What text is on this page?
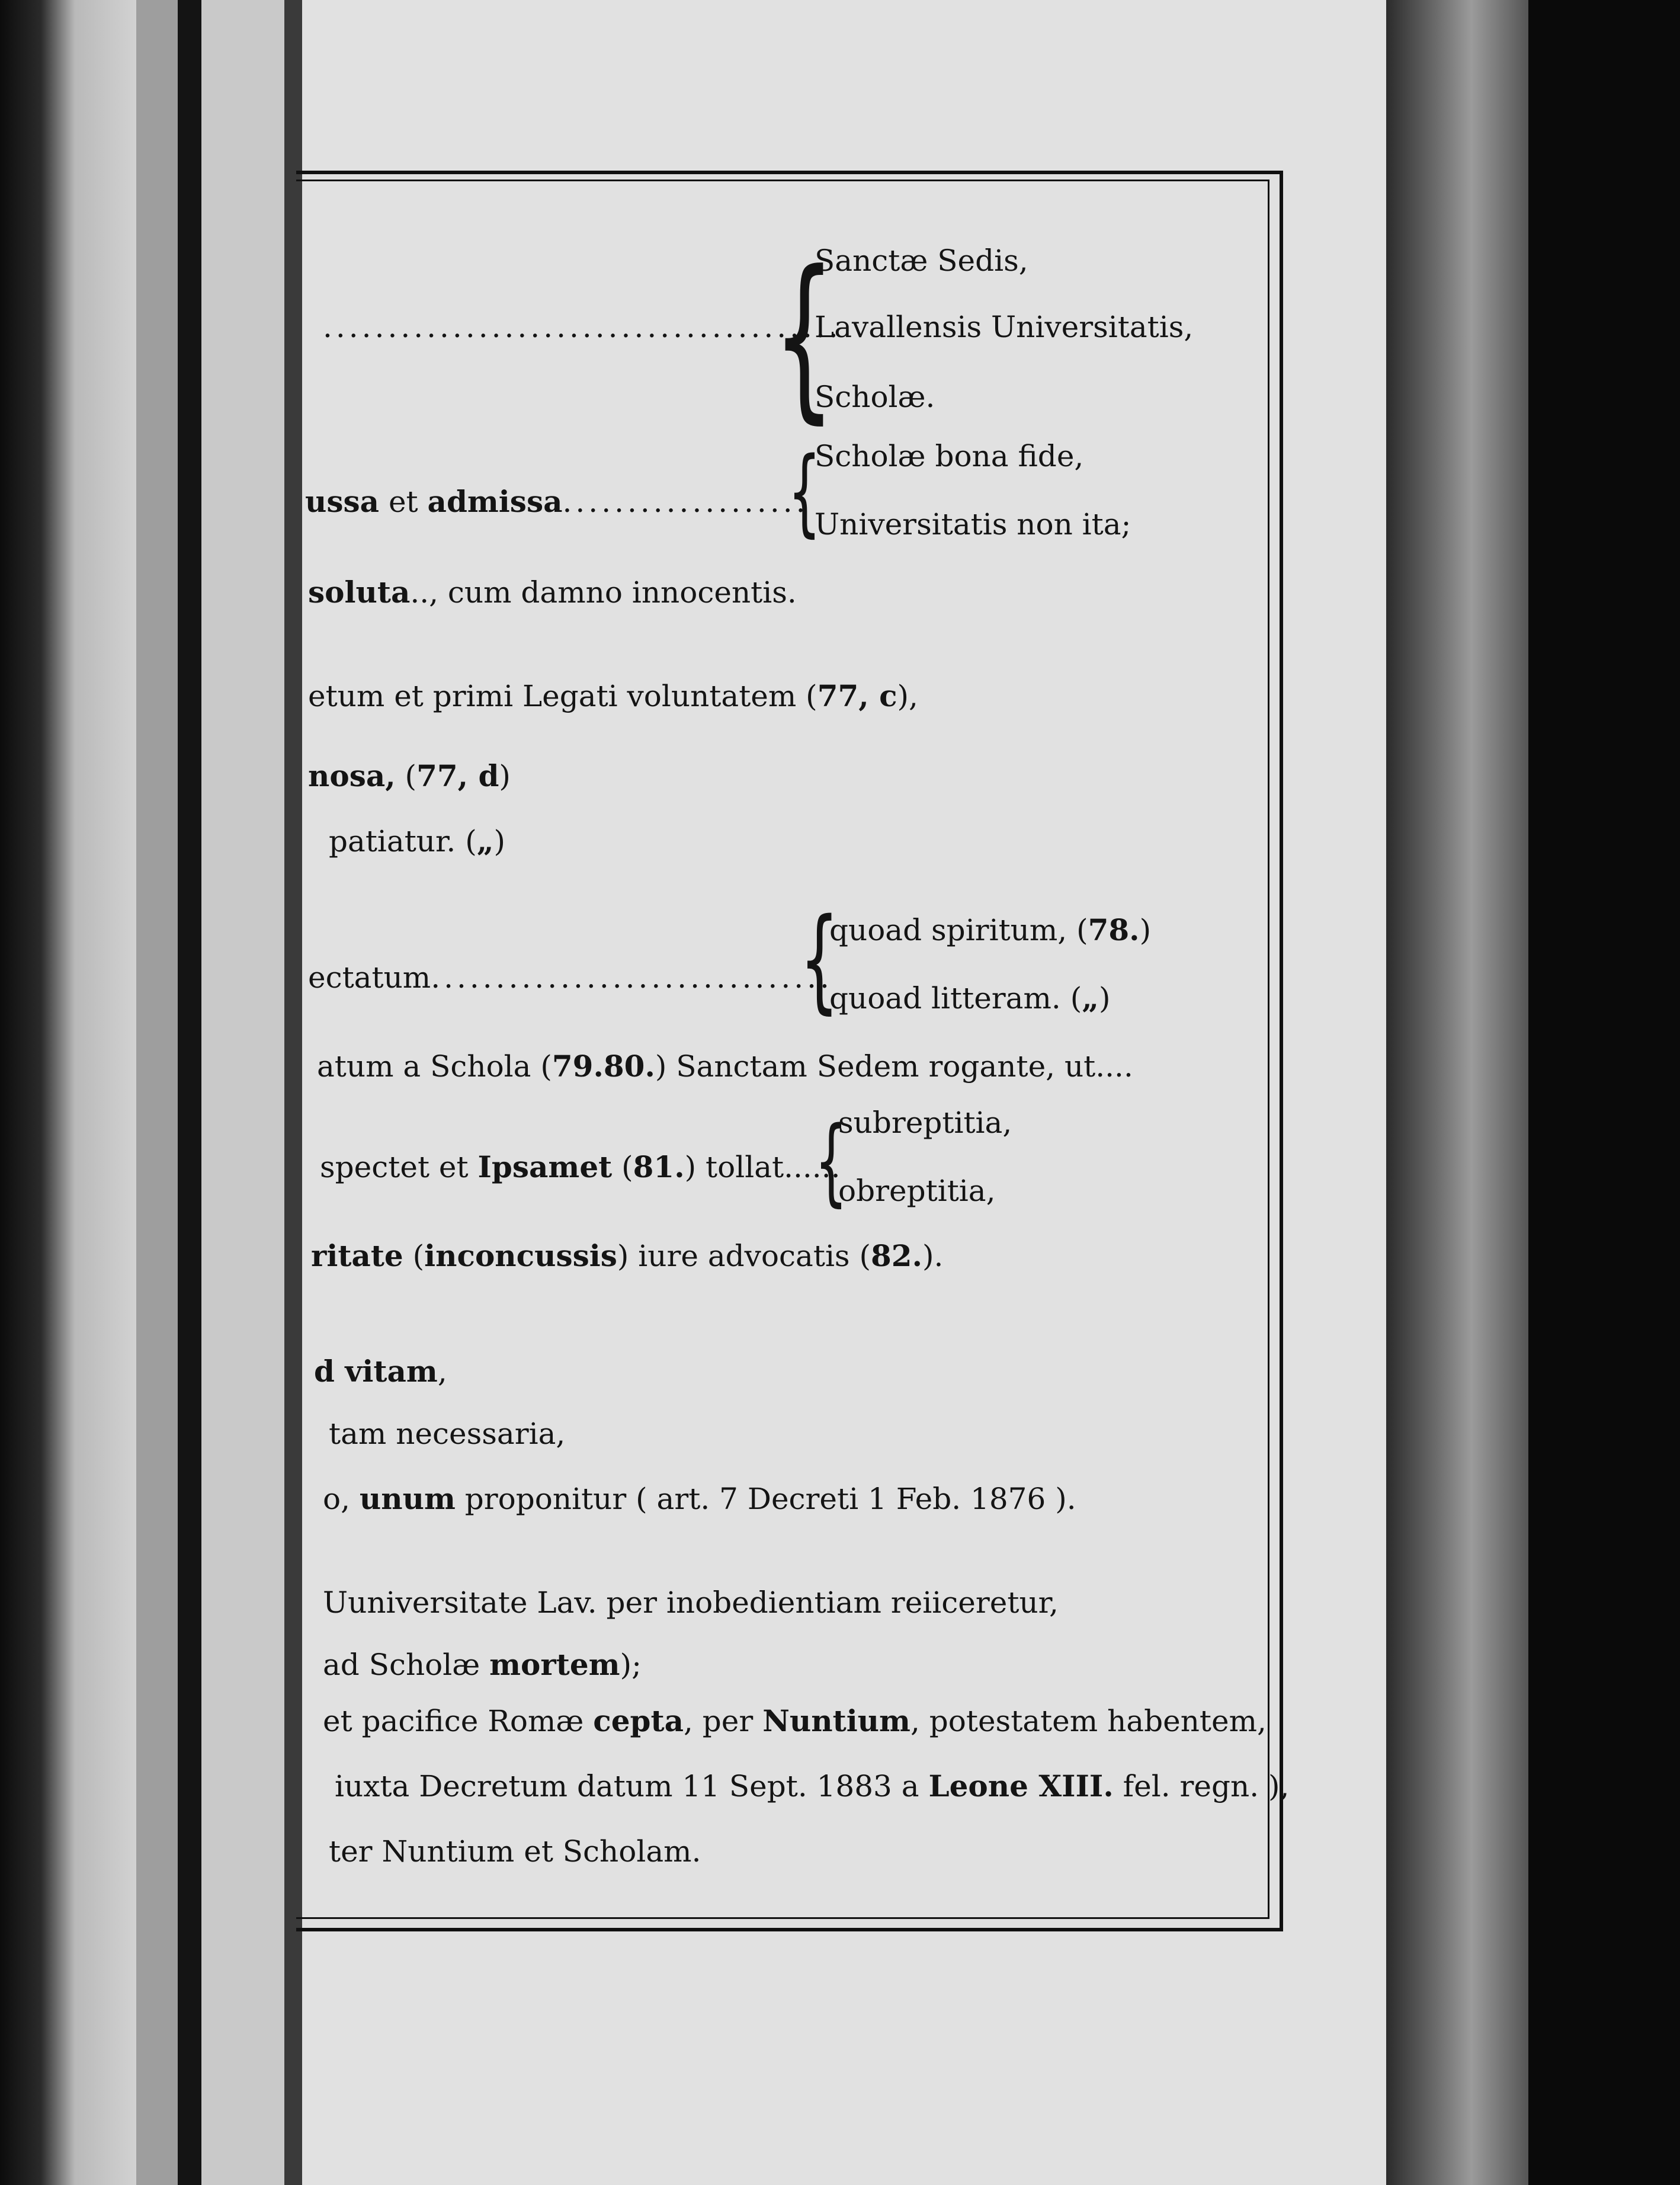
{
{
{
{
Sanctæ Sedis,
........................................
Lavallensis Universitatis,
Scholæ.
Scholæ bona fide,
ussa et admissa...................
Universitatis non ita;
soluta.., cum damno innocentis.
etum et primi Legati voluntatem (77, c),
nosa, (77, d)
patiatur. („)
quoad spiritum, (78.)
ectatum...............................
quoad litteram. („)
atum a Schola (79.80.) Sanctam Sedem rogante, ut....
subreptitia,
spectet et Ipsamet (81.) tollat......
obreptitia,
ritate (inconcussis) iure advocatis (82.).
d vitam,
tam necessaria,
o, unum proponitur ( art. 7 Decreti 1 Feb. 1876 ).
Uuniversitate Lav. per inobedientiam reiiceretur,
ad Scholæ mortem);
et pacifice Romæ cepta, per Nuntium, potestatem habentem,
iuxta Decretum datum 11 Sept. 1883 a Leone XIII. fel. regn. ),
ter Nuntium et Scholam.
